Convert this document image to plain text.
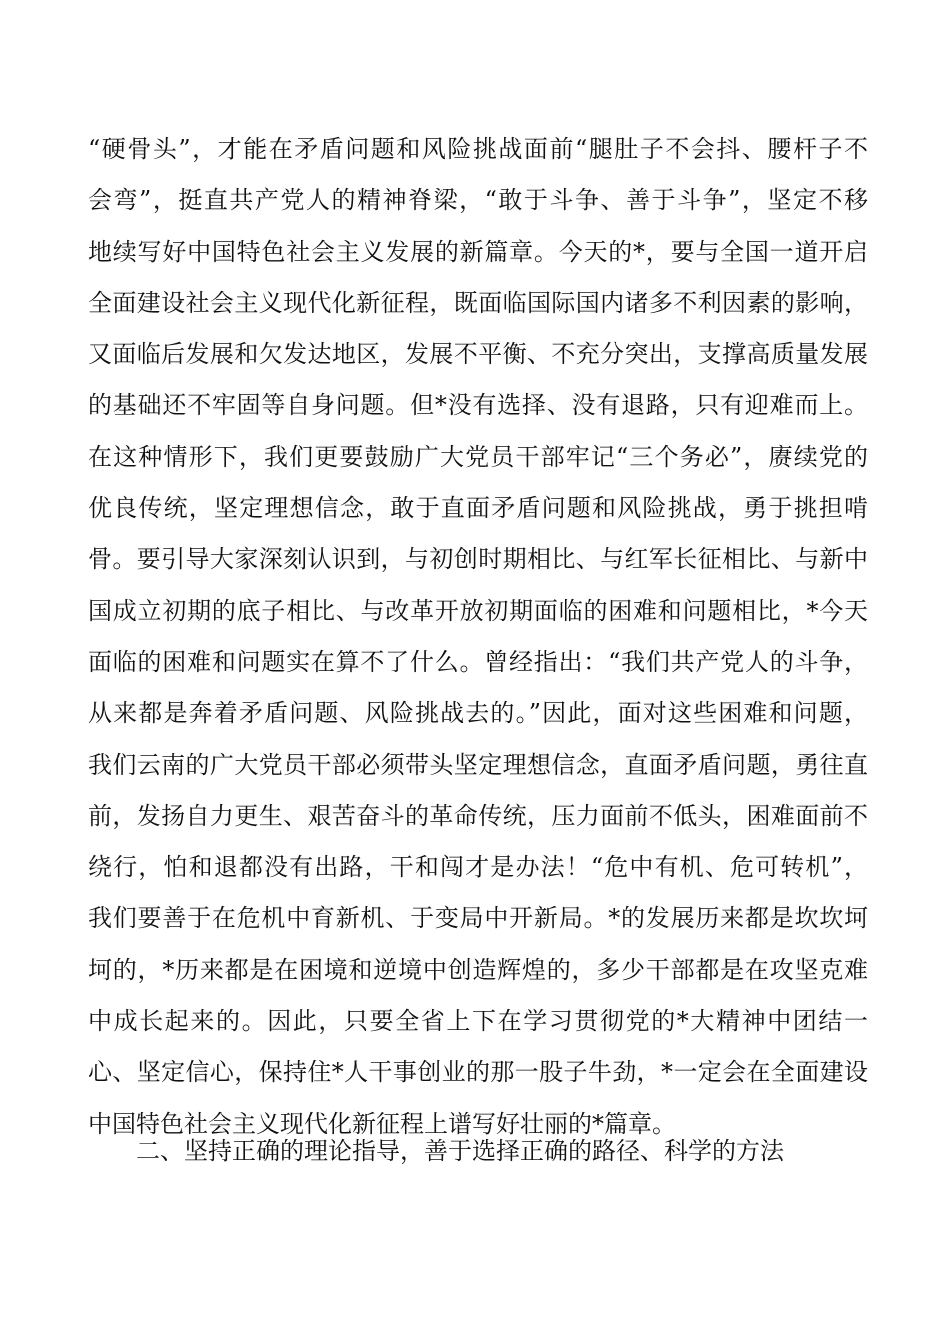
“硬骨头”，才能在矛盾问题和风险挑战面前“腿肚子不会抖、腰杆子不
会弯”，挺直共产党人的精神脊梁，“敢于斗争、善于斗争”，坚定不移
地续写好中国特色社会主义发展的新篇章。今天的*，要与全国一道开启
全面建设社会主义现代化新征程，既面临国际国内诸多不利因素的影响，
又面临后发展和欠发达地区，发展不平衡、不充分突出，支撑高质量发展
的基础还不牢固等自身问题。但*没有选择、没有退路，只有迎难而上。
在这种情形下，我们更要鼓励广大党员干部牢记“三个务必”，赓续党的
优良传统，坚定理想信念，敢于直面矛盾问题和风险挑战，勇于挑担啃
骨。要引导大家深刻认识到，与初创时期相比、与红军长征相比、与新中
国成立初期的底子相比、与改革开放初期面临的困难和问题相比，*今天
面临的困难和问题实在算不了什么。曾经指出：“我们共产党人的斗争，
从来都是奔着矛盾问题、风险挑战去的。”因此，面对这些困难和问题，
我们云南的广大党员干部必须带头坚定理想信念，直面矛盾问题，勇往直
前，发扬自力更生、艰苦奋斗的革命传统，压力面前不低头，困难面前不
绕行，怕和退都没有出路，干和闯才是办法！“危中有机、危可转机”，
我们要善于在危机中育新机、于变局中开新局。*的发展历来都是坎坎坷
坷的，*历来都是在困境和逆境中创造辉煌的，多少干部都是在攻坚克难
中成长起来的。因此，只要全省上下在学习贯彻党的*大精神中团结一
心、坚定信心，保持住*人干事创业的那一股子牛劲，*一定会在全面建设
中国特色社会主义现代化新征程上谱写好壮丽的*篇章。
二、坚持正确的理论指导，善于选择正确的路径、科学的方法
